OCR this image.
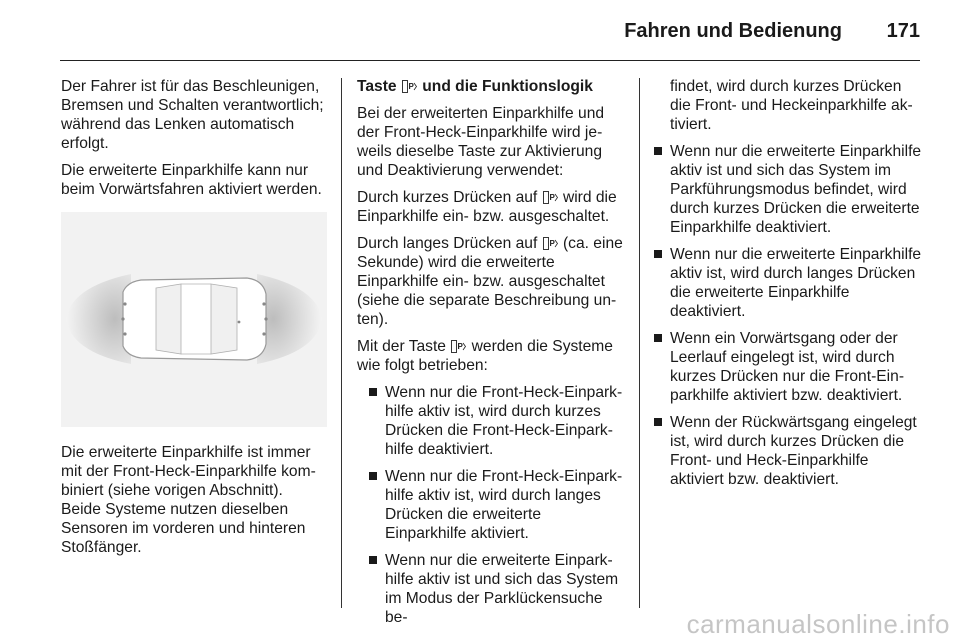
Fahren und Bedienung 171

Der Fahrer ist für das Beschleunigen, Bremsen und Schalten verantwortlich; während das Lenken automatisch erfolgt.

Die erweiterte Einparkhilfe kann nur beim Vorwärtsfahren aktiviert werden.

Die erweiterte Einparkhilfe ist immer mit der Front-Heck-Einparkhilfe kombiniert (siehe vorigen Abschnitt). Beide Systeme nutzen dieselben Sensoren im vorderen und hinteren Stoßfänger.

Taste P und die Funktionslogik

Bei der erweiterten Einparkhilfe und der Front-Heck-Einparkhilfe wird jeweils dieselbe Taste zur Aktivierung und Deaktivierung verwendet:

Durch kurzes Drücken auf P wird die Einparkhilfe ein- bzw. ausgeschaltet.

Durch langes Drücken auf P (ca. eine Sekunde) wird die erweiterte Einparkhilfe ein- bzw. ausgeschaltet (siehe die separate Beschreibung unten).

Mit der Taste P werden die Systeme wie folgt betrieben:

Wenn nur die Front-Heck-Einparkhilfe aktiv ist, wird durch kurzes Drücken die Front-Heck-Einparkhilfe deaktiviert.
Wenn nur die Front-Heck-Einparkhilfe aktiv ist, wird durch langes Drücken die erweiterte Einparkhilfe aktiviert.
Wenn nur die erweiterte Einparkhilfe aktiv ist und sich das System im Modus der Parklückensuche be-

findet, wird durch kurzes Drücken die Front- und Heckeinparkhilfe aktiviert.

Wenn nur die erweiterte Einparkhilfe aktiv ist und sich das System im Parkführungsmodus befindet, wird durch kurzes Drücken die erweiterte Einparkhilfe deaktiviert.
Wenn nur die erweiterte Einparkhilfe aktiv ist, wird durch langes Drücken die erweiterte Einparkhilfe deaktiviert.
Wenn ein Vorwärtsgang oder der Leerlauf eingelegt ist, wird durch kurzes Drücken nur die Front-Einparkhilfe aktiviert bzw. deaktiviert.
Wenn der Rückwärtsgang eingelegt ist, wird durch kurzes Drücken die Front- und Heck-Einparkhilfe aktiviert bzw. deaktiviert.
carmanualsonline.info
